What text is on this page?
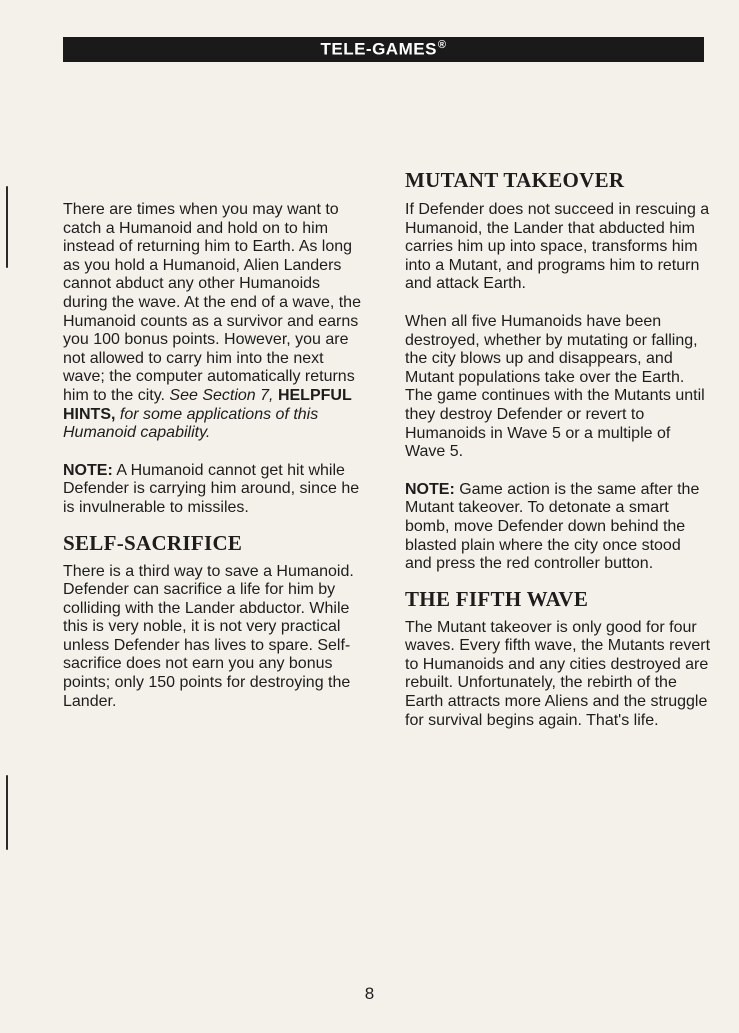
TELE-GAMES®

There are times when you may want to catch a Humanoid and hold on to him instead of returning him to Earth. As long as you hold a Humanoid, Alien Landers cannot abduct any other Humanoids during the wave. At the end of a wave, the Humanoid counts as a survivor and earns you 100 bonus points. However, you are not allowed to carry him into the next wave; the computer automatically returns him to the city. See Section 7, HELPFUL HINTS, for some applications of this Humanoid capability.

NOTE: A Humanoid cannot get hit while Defender is carrying him around, since he is invulnerable to missiles.

SELF-SACRIFICE

There is a third way to save a Humanoid. Defender can sacrifice a life for him by colliding with the Lander abductor. While this is very noble, it is not very practical unless Defender has lives to spare. Self-sacrifice does not earn you any bonus points; only 150 points for destroying the Lander.

MUTANT TAKEOVER

If Defender does not succeed in rescuing a Humanoid, the Lander that abducted him carries him up into space, transforms him into a Mutant, and programs him to return and attack Earth.

When all five Humanoids have been destroyed, whether by mutating or falling, the city blows up and disappears, and Mutant populations take over the Earth. The game continues with the Mutants until they destroy Defender or revert to Humanoids in Wave 5 or a multiple of Wave 5.

NOTE: Game action is the same after the Mutant takeover. To detonate a smart bomb, move Defender down behind the blasted plain where the city once stood and press the red controller button.

THE FIFTH WAVE

The Mutant takeover is only good for four waves. Every fifth wave, the Mutants revert to Humanoids and any cities destroyed are rebuilt. Unfortunately, the rebirth of the Earth attracts more Aliens and the struggle for survival begins again. That's life.

8
